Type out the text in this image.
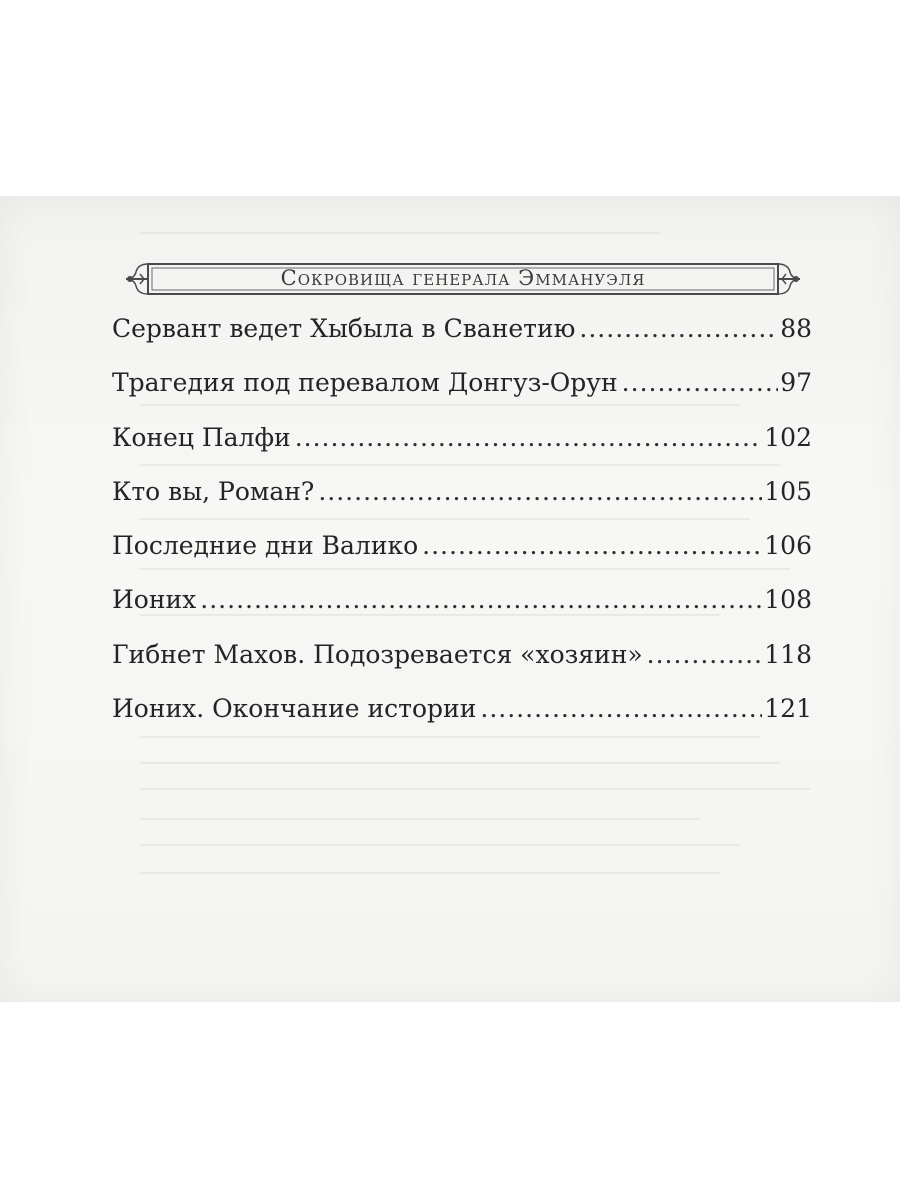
Сокровища генерала Эммануэля
Сервант ведет Хыбыла в Сванетию .....	88
Трагедия под перевалом Донгуз-Орун .....	97
Конец Палфи .....	102
Кто вы, Роман? .....	105
Последние дни Валико .....	106
Ионих .....	108
Гибнет Махов. Подозревается «хозяин» .....	118
Ионих. Окончание истории .....	121
